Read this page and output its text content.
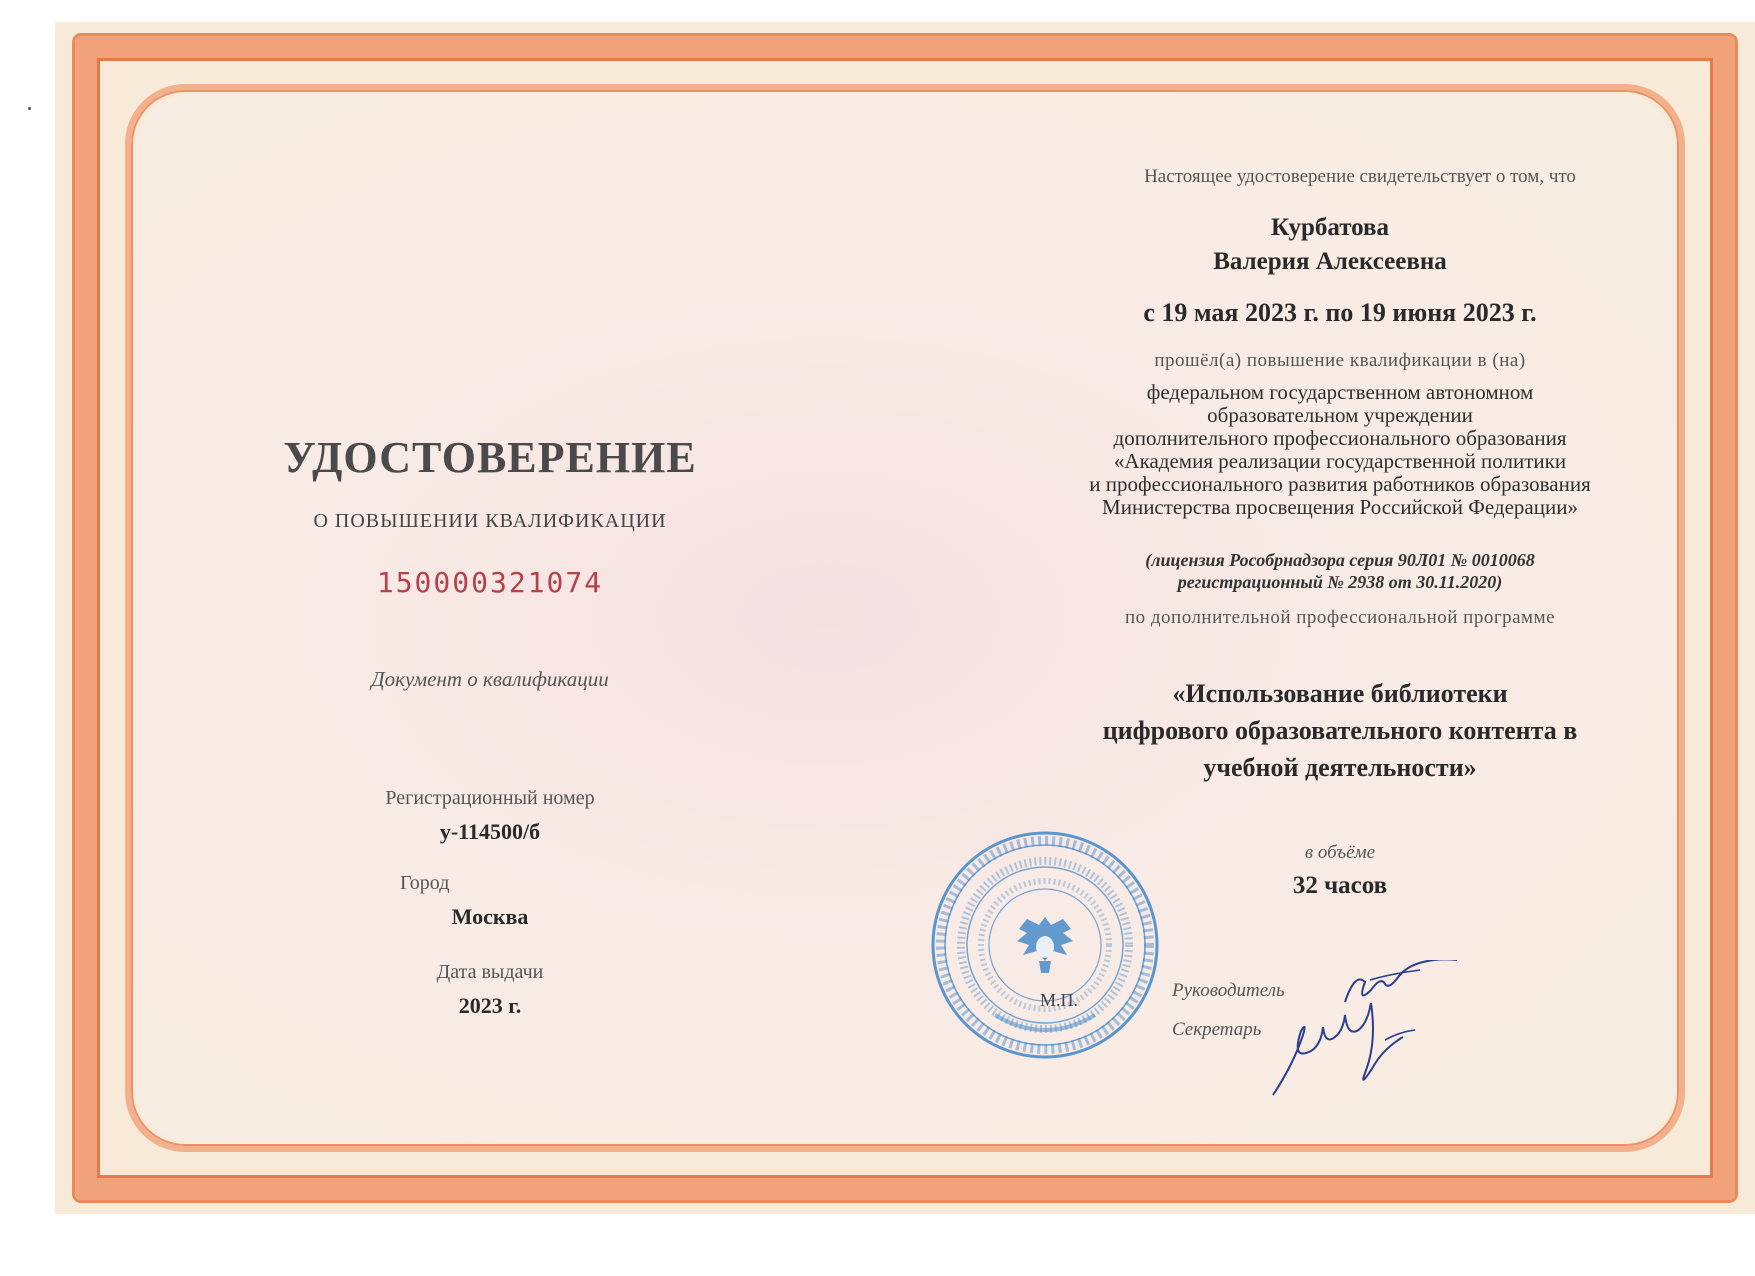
УДОСТОВЕРЕНИЕ
О ПОВЫШЕНИИ КВАЛИФИКАЦИИ
150000321074
Документ о квалификации
Регистрационный номер
у-114500/б
Город
Москва
Дата выдачи
2023 г.
Настоящее удостоверение свидетельствует о том, что
Курбатова
Валерия Алексеевна
с 19 мая 2023 г. по 19 июня 2023 г.
прошёл(а) повышение квалификации в (на)
федеральном государственном автономном
образовательном учреждении
дополнительного профессионального образования
«Академия реализации государственной политики
и профессионального развития работников образования
Министерства просвещения Российской Федерации»
(лицензия Рособрнадзора серия 90Л01 № 0010068
регистрационный № 2938 от 30.11.2020)
по дополнительной профессиональной программе
«Использование библиотеки
цифрового образовательного контента в
учебной деятельности»
в объёме
32 часов
М.П.	Руководитель
Секретарь
